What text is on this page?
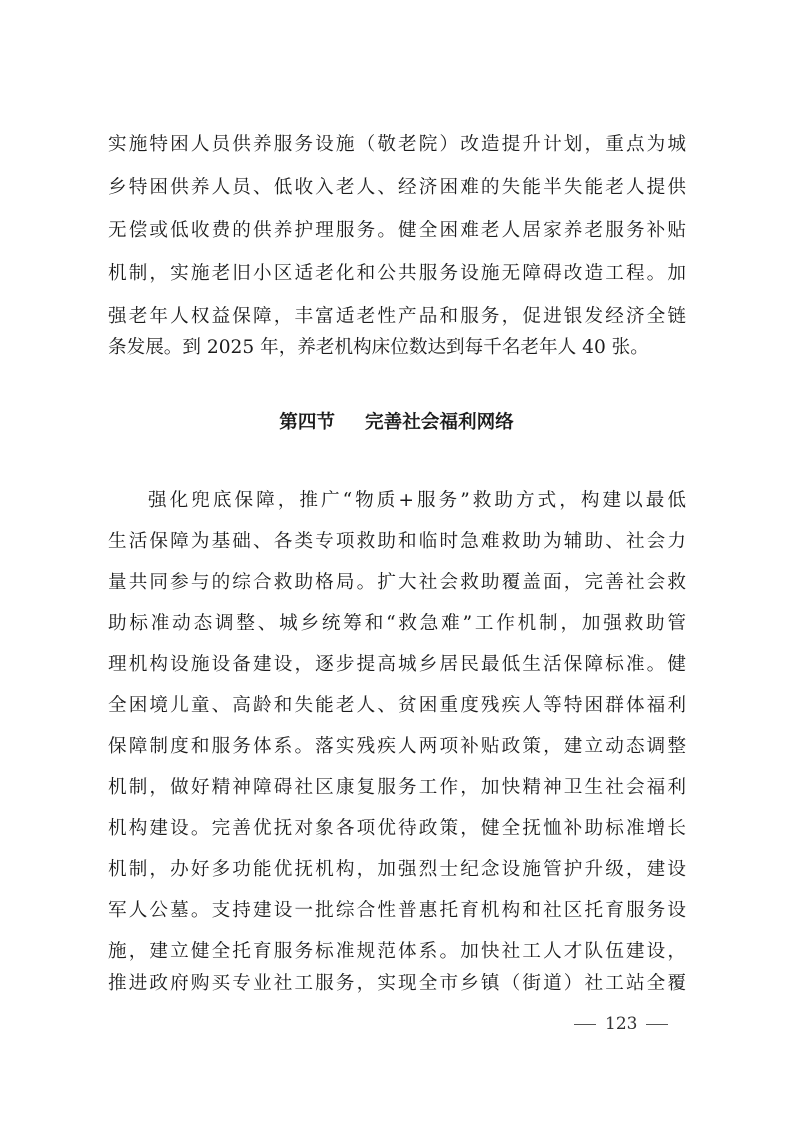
实施特困人员供养服务设施（敬老院）改造提升计划，重点为城
乡特困供养人员、低收入老人、经济困难的失能半失能老人提供
无偿或低收费的供养护理服务。健全困难老人居家养老服务补贴
机制，实施老旧小区适老化和公共服务设施无障碍改造工程。加
强老年人权益保障，丰富适老性产品和服务，促进银发经济全链
条发展。到 2025 年，养老机构床位数达到每千名老年人 40 张。
第四节 完善社会福利网络
强化兜底保障，推广“物质+服务”救助方式，构建以最低
生活保障为基础、各类专项救助和临时急难救助为辅助、社会力
量共同参与的综合救助格局。扩大社会救助覆盖面，完善社会救
助标准动态调整、城乡统筹和“救急难”工作机制，加强救助管
理机构设施设备建设，逐步提高城乡居民最低生活保障标准。健
全困境儿童、高龄和失能老人、贫困重度残疾人等特困群体福利
保障制度和服务体系。落实残疾人两项补贴政策，建立动态调整
机制，做好精神障碍社区康复服务工作，加快精神卫生社会福利
机构建设。完善优抚对象各项优待政策，健全抚恤补助标准增长
机制，办好多功能优抚机构，加强烈士纪念设施管护升级，建设
军人公墓。支持建设一批综合性普惠托育机构和社区托育服务设
施，建立健全托育服务标准规范体系。加快社工人才队伍建设，
推进政府购买专业社工服务，实现全市乡镇（街道）社工站全覆
123
